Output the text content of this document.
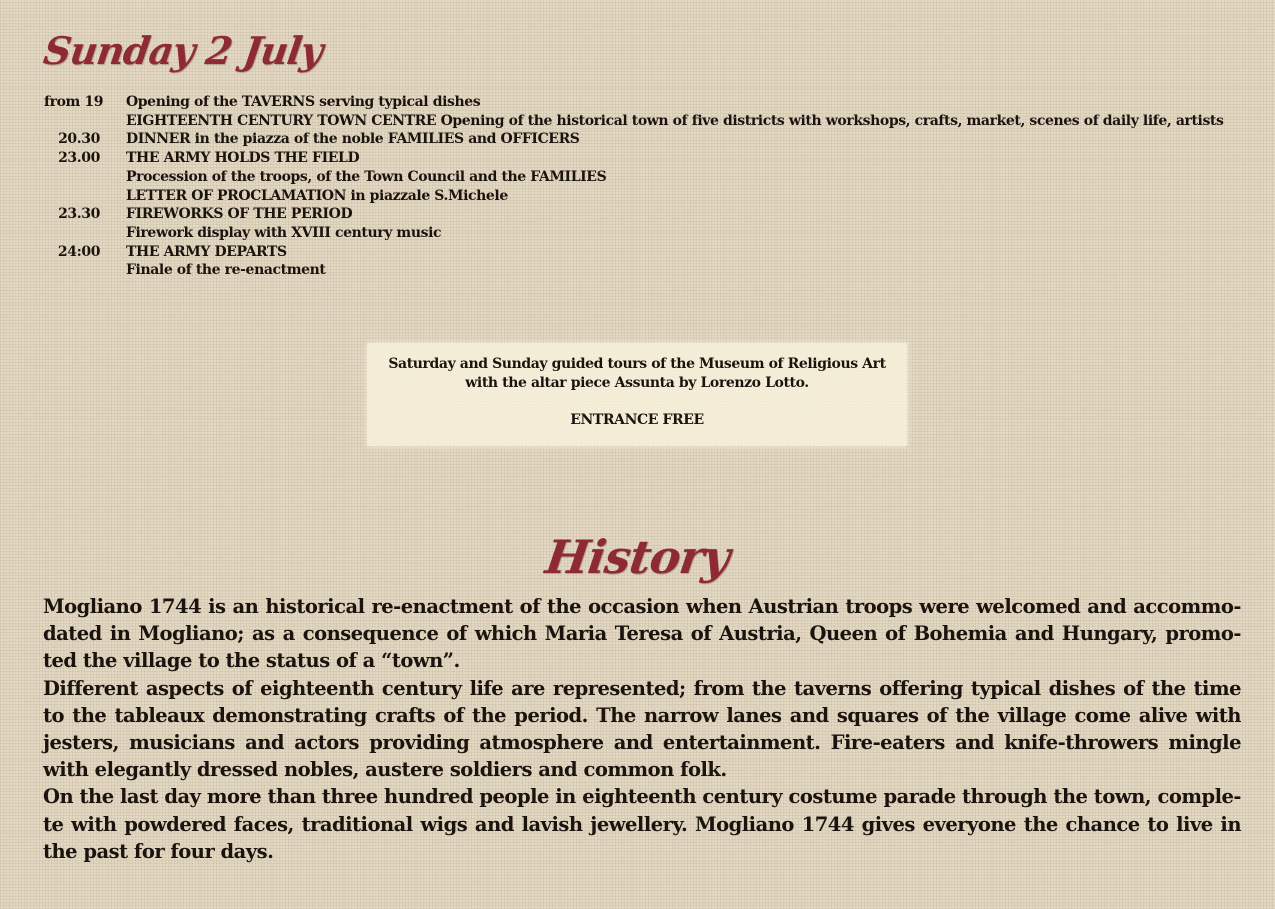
Sunday 2 July
from 19	Opening of the TAVERNS serving typical dishes
EIGHTEENTH CENTURY TOWN CENTRE Opening of the historical town of five districts with workshops, crafts, market, scenes of daily life, artists
20.30	DINNER in the piazza of the noble FAMILIES and OFFICERS
23.00	THE ARMY HOLDS THE FIELD
Procession of the troops, of the Town Council and the FAMILIES
LETTER OF PROCLAMATION in piazzale S.Michele
23.30	FIREWORKS OF THE PERIOD
Firework display with XVIII century music
24:00	THE ARMY DEPARTS
Finale of the re-enactment
Saturday and Sunday guided tours of the Museum of Religious Art
with the altar piece Assunta by Lorenzo Lotto.
ENTRANCE FREE
History

Mogliano 1744 is an historical re-enactment of the occasion when Austrian troops were welcomed and accommo-dated in Mogliano; as a consequence of which Maria Teresa of Austria, Queen of Bohemia and Hungary, promo-ted the village to the status of a “town”.

Different aspects of eighteenth century life are represented; from the taverns offering typical dishes of the time to the tableaux demonstrating crafts of the period. The narrow lanes and squares of the village come alive with jesters, musicians and actors providing atmosphere and entertainment. Fire-eaters and knife-throwers mingle with elegantly dressed nobles, austere soldiers and common folk.

On the last day more than three hundred people in eighteenth century costume parade through the town, comple-te with powdered faces, traditional wigs and lavish jewellery. Mogliano 1744 gives everyone the chance to live in the past for four days.
